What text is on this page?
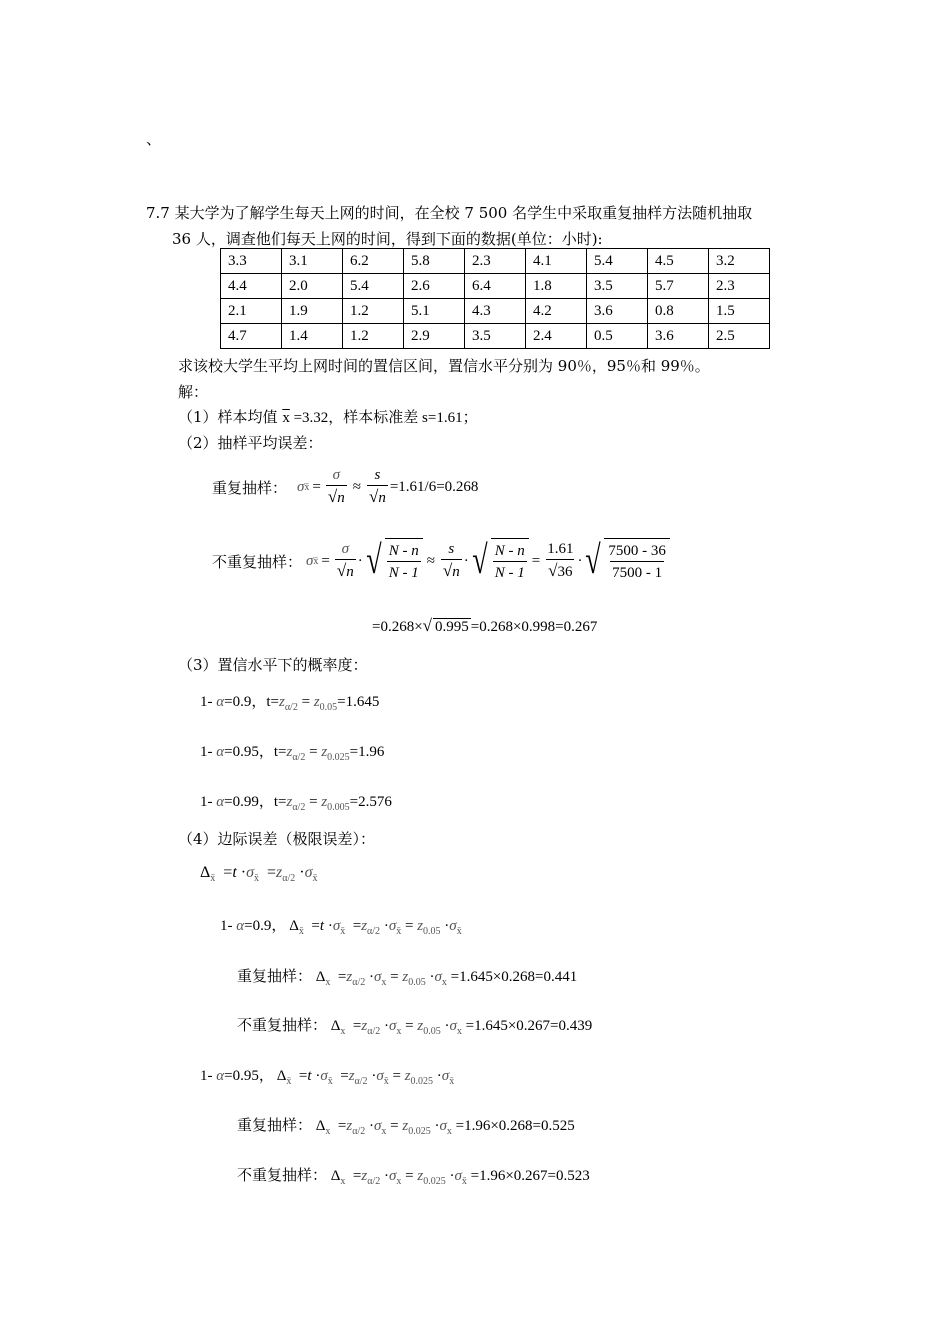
、
7.7 某大学为了解学生每天上网的时间，在全校 7 500 名学生中采取重复抽样方法随机抽取
36 人，调查他们每天上网的时间，得到下面的数据(单位：小时):
3.3	3.1	6.2	5.8	2.3	4.1	5.4	4.5	3.2
4.4	2.0	5.4	2.6	6.4	1.8	3.5	5.7	2.3
2.1	1.9	1.2	5.1	4.3	4.2	3.6	0.8	1.5
4.7	1.4	1.2	2.9	3.5	2.4	0.5	3.6	2.5
求该校大学生平均上网时间的置信区间，置信水平分别为 90％，95％和 99％。
解：
（1）样本均值 $\overline{x} =3.32$，样本标准差 s=1.61；
（2）抽样平均误差：
重复抽样： σ x̄ = $\frac{\sigma}{√n} \approx \frac{s}{√n} =1.61/6=0.268$
不重复抽样： σ x̄ = $\frac{\sigma}{√n}$ · √ $\frac{N - n}{N - 1} \approx \frac{s}{√n}$ · √ $\frac{N - n}{N - 1} = \frac{1.61}{√36}$ · √ $\frac{7500 - 36}{7500 - 1}$
=0.268×√ 0.995 =0.268×0.998=0.267
（3）置信水平下的概率度：
1- α=0.9，$t=z_{\alpha/2} = z_{0.05}=1.645$
1- α=0.95，$t=z_{\alpha/2} = z_{0.025}=1.96$
1- α=0.99，$t=z_{\alpha/2} = z_{0.005}=2.576$
（4）边际误差（极限误差）：
$\Delta_{x̄} =t \cdot\sigma_{x̄} =z_{\alpha/2} \cdot\sigma_{x̄}$
1- α=0.9， $\Delta_{x̄} =t \cdot\sigma_{x̄} =z_{\alpha/2} \cdot\sigma_{x̄} = z_{0.05} \cdot\sigma_{x̄}$
重复抽样： $\Delta_x =z_{\alpha/2} \cdot\sigma_x = z_{0.05} \cdot\sigma_x =1.645\times 0.268=0.441$
不重复抽样： $\Delta_x =z_{\alpha/2} \cdot\sigma_x = z_{0.05} \cdot\sigma_x =1.645\times 0.267=0.439$
1- α=0.95， $\Delta_{x̄} =t \cdot\sigma_{x̄} =z_{\alpha/2} \cdot\sigma_{x̄} = z_{0.025} \cdot\sigma_{x̄}$
重复抽样： $\Delta_x =z_{\alpha/2} \cdot\sigma_x = z_{0.025} \cdot\sigma_x =1.96\times 0.268=0.525$
不重复抽样： $\Delta_x =z_{\alpha/2} \cdot\sigma_x = z_{0.025} \cdot\sigma_{x̄} =1.96\times 0.267=0.523$
